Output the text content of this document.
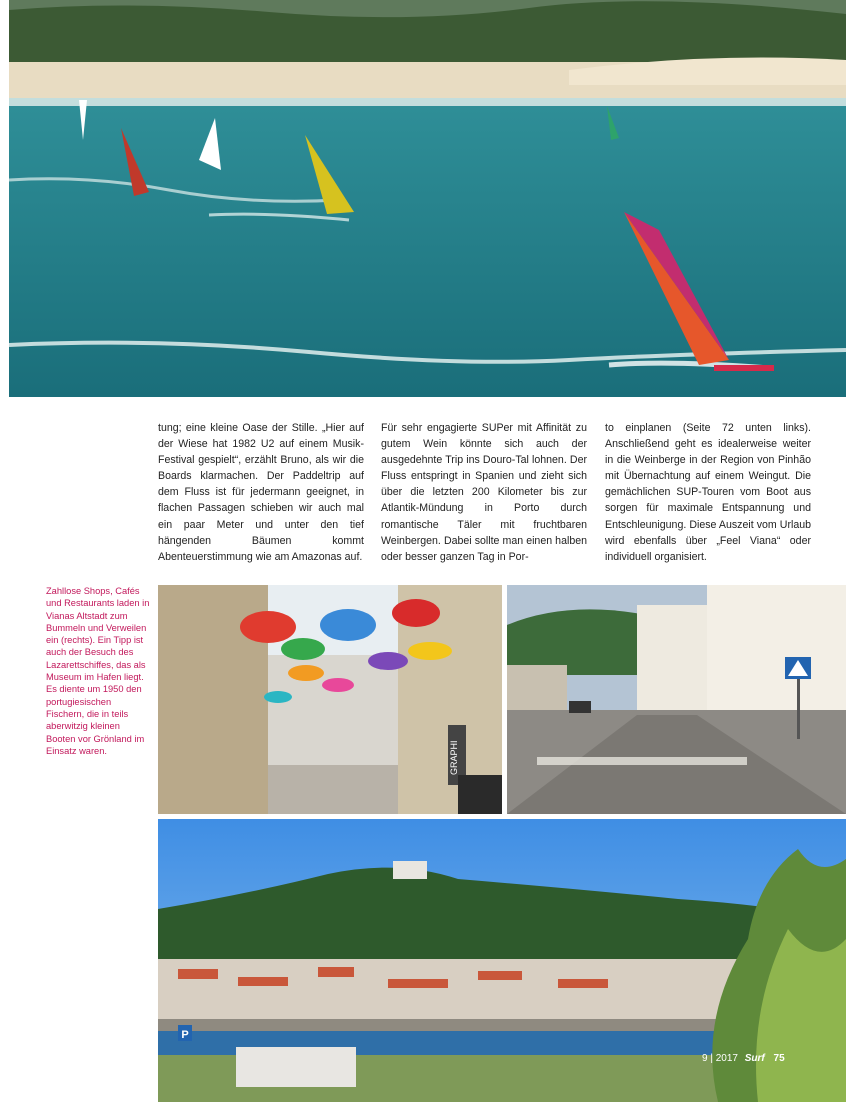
tung; eine kleine Oase der Stille. „Hier auf der Wiese hat 1982 U2 auf einem Musik-Festival gespielt“, erzählt Bruno, als wir die Boards klarmachen. Der Paddeltrip auf dem Fluss ist für jedermann geeignet, in flachen Passagen schieben wir auch mal ein paar Meter und unter den tief hängenden Bäumen kommt Abenteuerstimmung wie am Amazonas auf.
Für sehr engagierte SUPer mit Affinität zu gutem Wein könnte sich auch der ausgedehnte Trip ins Douro-Tal lohnen. Der Fluss entspringt in Spanien und zieht sich über die letzten 200 Kilometer bis zur Atlantik-Mündung in Porto durch romantische Täler mit fruchtbaren Weinbergen. Dabei sollte man einen halben oder besser ganzen Tag in Por-
to einplanen (Seite 72 unten links). Anschließend geht es idealerweise weiter in die Weinberge in der Region von Pinhão mit Übernachtung auf einem Weingut. Die gemächlichen SUP-Touren vom Boot aus sorgen für maximale Entspannung und Entschleunigung. Diese Auszeit vom Urlaub wird ebenfalls über „Feel Viana“ oder individuell organisiert.
Zahllose Shops, Cafés und Restaurants laden in Vianas Altstadt zum Bummeln und Verweilen ein (rechts). Ein Tipp ist auch der Besuch des Lazarettschiffes, das als Museum im Hafen liegt. Es diente um 1950 den portugiesischen Fischern, die in teils aberwitzig kleinen Booten vor Grönland im Einsatz waren.	GRAPHI
P
9 | 2017 Surf 75
